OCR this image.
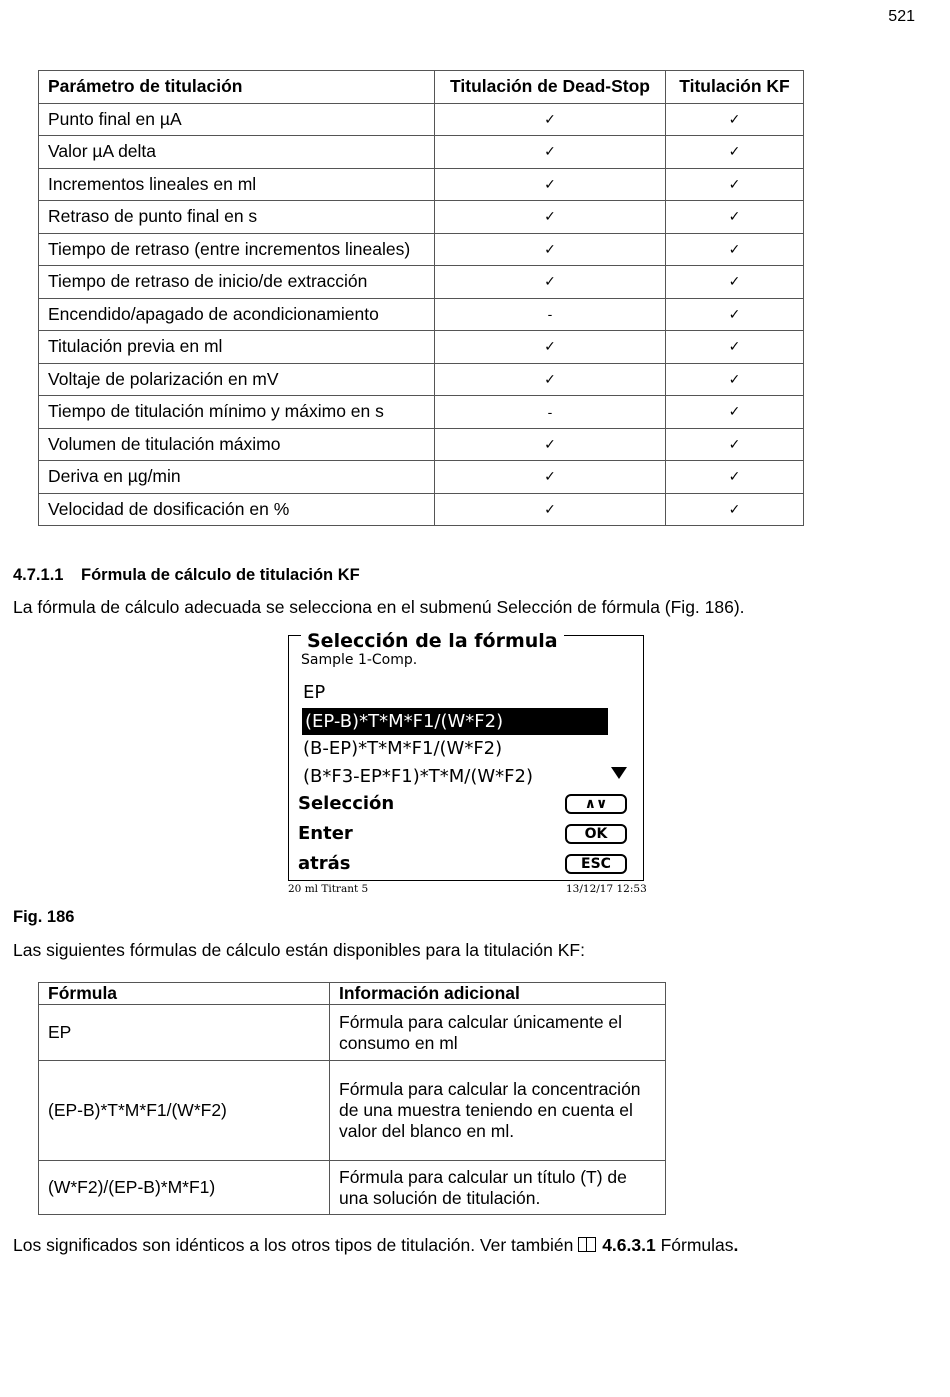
521
Parámetro de titulación	Titulación de Dead-Stop	Titulación KF
Punto final en µA	✓	✓
Valor µA delta	✓	✓
Incrementos lineales en ml	✓	✓
Retraso de punto final en s	✓	✓
Tiempo de retraso (entre incrementos lineales)	✓	✓
Tiempo de retraso de inicio/de extracción	✓	✓
Encendido/apagado de acondicionamiento	-	✓
Titulación previa en ml	✓	✓
Voltaje de polarización en mV	✓	✓
Tiempo de titulación mínimo y máximo en s	-	✓
Volumen de titulación máximo	✓	✓
Deriva en µg/min	✓	✓
Velocidad de dosificación en %	✓	✓
4.7.1.1 Fórmula de cálculo de titulación KF
La fórmula de cálculo adecuada se selecciona en el submenú Selección de fórmula (Fig. 186).
Selección de la fórmula
Sample 1-Comp.
EP
(EP-B)*T*M*F1/(W*F2)
(B-EP)*T*M*F1/(W*F2)
(B*F3-EP*F1)*T*M/(W*F2)
Selección
Enter
atrás
∧∨
OK
ESC
20 ml Titrant 5	13/12/17 12:53
Fig. 186
Las siguientes fórmulas de cálculo están disponibles para la titulación KF:
Fórmula	Información adicional
EP	Fórmula para calcular únicamente el consumo en ml
(EP-B)*T*M*F1/(W*F2)	Fórmula para calcular la concentración de una muestra teniendo en cuenta el valor del blanco en ml.
(W*F2)/(EP-B)*M*F1)	Fórmula para calcular un título (T) de una solución de titulación.
Los significados son idénticos a los otros tipos de titulación. Ver también 4.6.3.1 Fórmulas.
